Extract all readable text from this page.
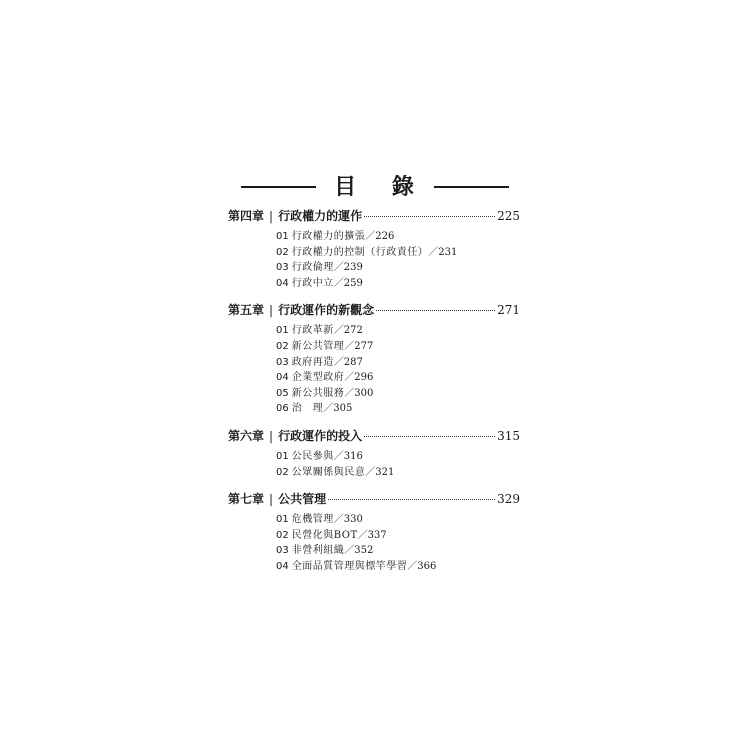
目 錄
第四章 | 行政權力的運作	225
01 行政權力的擴張／226
02 行政權力的控制（行政責任）／231
03 行政倫理／239
04 行政中立／259
第五章 | 行政運作的新觀念	271
01 行政革新／272
02 新公共管理／277
03 政府再造／287
04 企業型政府／296
05 新公共服務／300
06 治　理／305
第六章 | 行政運作的投入	315
01 公民參與／316
02 公眾關係與民意／321
第七章 | 公共管理	329
01 危機管理／330
02 民營化與BOT／337
03 非營利組織／352
04 全面品質管理與標竿學習／366
